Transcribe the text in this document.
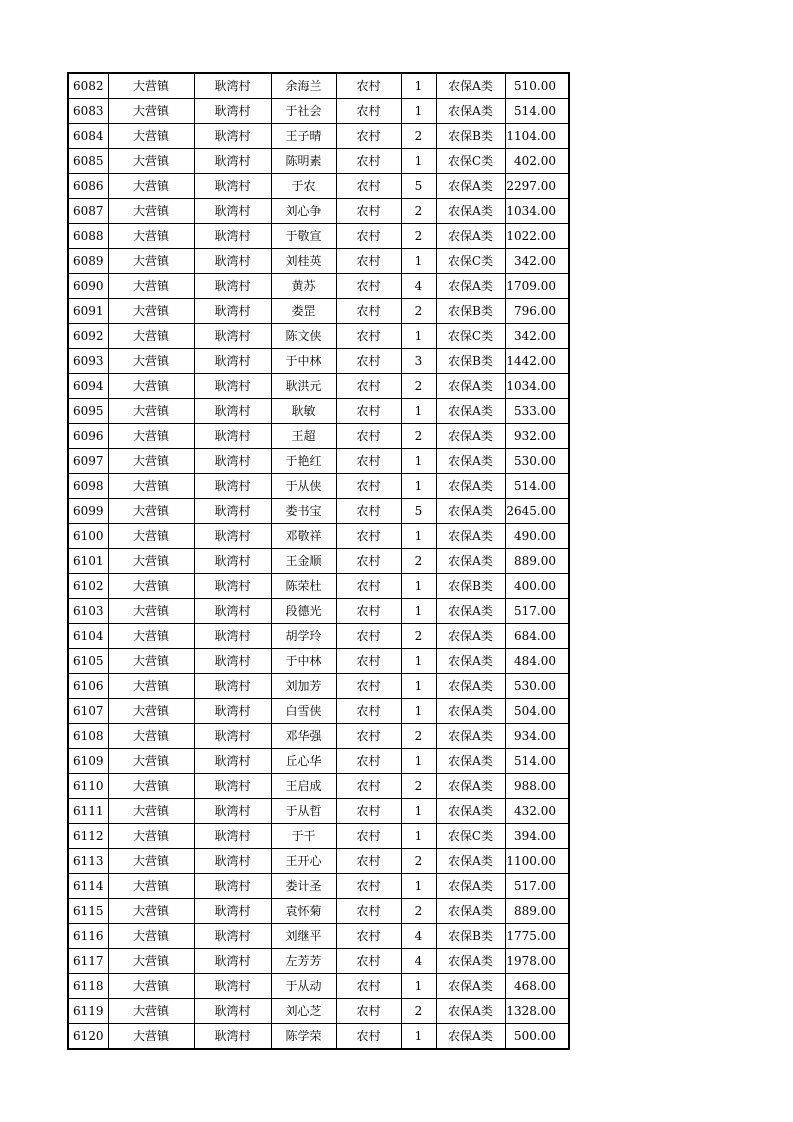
6082	大营镇	耿湾村	余海兰	农村	1	农保A类	510.00
6083	大营镇	耿湾村	于社会	农村	1	农保A类	514.00
6084	大营镇	耿湾村	王子晴	农村	2	农保B类	1104.00
6085	大营镇	耿湾村	陈明素	农村	1	农保C类	402.00
6086	大营镇	耿湾村	于农	农村	5	农保A类	2297.00
6087	大营镇	耿湾村	刘心争	农村	2	农保A类	1034.00
6088	大营镇	耿湾村	于敬宣	农村	2	农保A类	1022.00
6089	大营镇	耿湾村	刘桂英	农村	1	农保C类	342.00
6090	大营镇	耿湾村	黄苏	农村	4	农保A类	1709.00
6091	大营镇	耿湾村	娄罡	农村	2	农保B类	796.00
6092	大营镇	耿湾村	陈文侠	农村	1	农保C类	342.00
6093	大营镇	耿湾村	于中林	农村	3	农保B类	1442.00
6094	大营镇	耿湾村	耿洪元	农村	2	农保A类	1034.00
6095	大营镇	耿湾村	耿敏	农村	1	农保A类	533.00
6096	大营镇	耿湾村	王超	农村	2	农保A类	932.00
6097	大营镇	耿湾村	于艳红	农村	1	农保A类	530.00
6098	大营镇	耿湾村	于从侠	农村	1	农保A类	514.00
6099	大营镇	耿湾村	娄书宝	农村	5	农保A类	2645.00
6100	大营镇	耿湾村	邓敬祥	农村	1	农保A类	490.00
6101	大营镇	耿湾村	王金顺	农村	2	农保A类	889.00
6102	大营镇	耿湾村	陈荣杜	农村	1	农保B类	400.00
6103	大营镇	耿湾村	段德光	农村	1	农保A类	517.00
6104	大营镇	耿湾村	胡学玲	农村	2	农保A类	684.00
6105	大营镇	耿湾村	于中林	农村	1	农保A类	484.00
6106	大营镇	耿湾村	刘加芳	农村	1	农保A类	530.00
6107	大营镇	耿湾村	白雪侠	农村	1	农保A类	504.00
6108	大营镇	耿湾村	邓华强	农村	2	农保A类	934.00
6109	大营镇	耿湾村	丘心华	农村	1	农保A类	514.00
6110	大营镇	耿湾村	王启成	农村	2	农保A类	988.00
6111	大营镇	耿湾村	于从哲	农村	1	农保A类	432.00
6112	大营镇	耿湾村	于干	农村	1	农保C类	394.00
6113	大营镇	耿湾村	王开心	农村	2	农保A类	1100.00
6114	大营镇	耿湾村	娄计圣	农村	1	农保A类	517.00
6115	大营镇	耿湾村	袁怀菊	农村	2	农保A类	889.00
6116	大营镇	耿湾村	刘继平	农村	4	农保B类	1775.00
6117	大营镇	耿湾村	左芳芳	农村	4	农保A类	1978.00
6118	大营镇	耿湾村	于从动	农村	1	农保A类	468.00
6119	大营镇	耿湾村	刘心芝	农村	2	农保A类	1328.00
6120	大营镇	耿湾村	陈学荣	农村	1	农保A类	500.00
